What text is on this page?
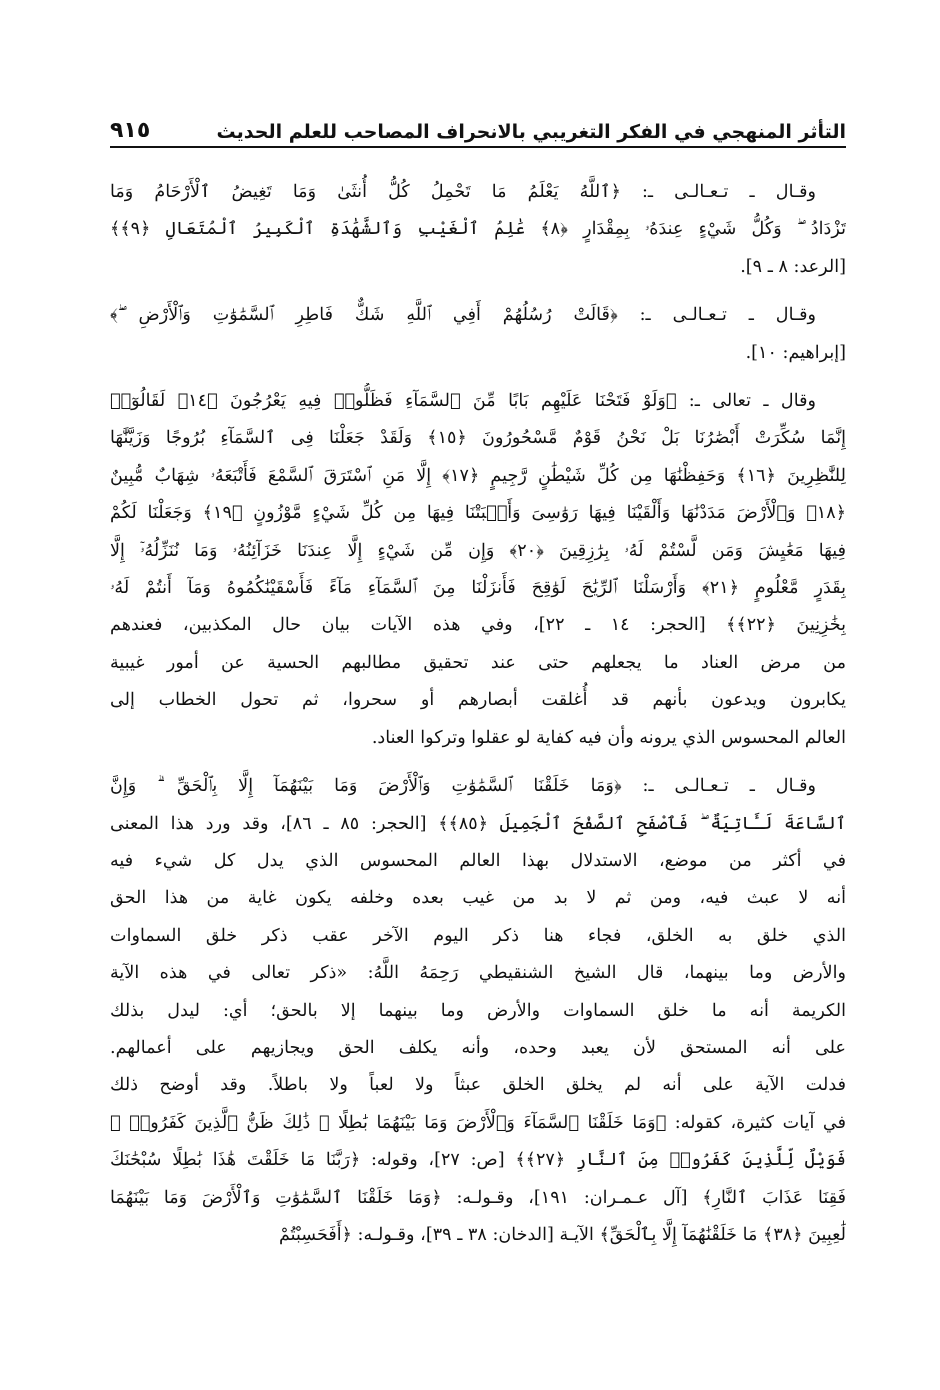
التأثر المنهجي في الفكر التغريبي بالانحراف المصاحب للعلم الحديث
٩١٥
وقـال ـ تـعـالـى ـ: ﴿ٱللَّهُ يَعْلَمُ مَا تَحْمِلُ كُلُّ أُنثَىٰ وَمَا تَغِيضُ ٱلْأَرْحَامُ وَمَا
تَزْدَادُ ۖ وَكُلُّ شَيْءٍ عِندَهُۥ بِمِقْدَارٍ ﴿٨﴾ عَٰلِمُ ٱلْغَيْبِ وَٱلشَّهَٰدَةِ ٱلْكَبِيرُ ٱلْمُتَعَالِ ﴿٩﴾﴾
[الرعد: ٨ ـ ٩].
وقـال ـ تـعـالـى ـ: ﴿قَالَتْ رُسُلُهُمْ أَفِي ٱللَّهِ شَكٌّ فَاطِرِ ٱلسَّمَٰوَٰتِ وَٱلْأَرْضِ ۖ﴾
[إبراهيم: ١٠].
وقال ـ تعالى ـ: ﴿وَلَوْ فَتَحْنَا عَلَيْهِم بَابًا مِّنَ ٱلسَّمَآءِ فَظَلُّوا۟ فِيهِ يَعْرُجُونَ ﴿١٤﴾ لَقَالُوٓا۟
إِنَّمَا سُكِّرَتْ أَبْصَٰرُنَا بَلْ نَحْنُ قَوْمٌ مَّسْحُورُونَ ﴿١٥﴾ وَلَقَدْ جَعَلْنَا فِى ٱلسَّمَآءِ بُرُوجًا وَزَيَّنَّٰهَا
لِلنَّٰظِرِينَ ﴿١٦﴾ وَحَفِظْنَٰهَا مِن كُلِّ شَيْطَٰنٍ رَّجِيمٍ ﴿١٧﴾ إِلَّا مَنِ ٱسْتَرَقَ ٱلسَّمْعَ فَأَتْبَعَهُۥ شِهَابٌ مُّبِينٌ
﴿١٨﴾ وَٱلْأَرْضَ مَدَدْنَٰهَا وَأَلْقَيْنَا فِيهَا رَوَٰسِىَ وَأَنۢبَتْنَا فِيهَا مِن كُلِّ شَيْءٍ مَّوْزُونٍ ﴿١٩﴾ وَجَعَلْنَا لَكُمْ
فِيهَا مَعَٰيِشَ وَمَن لَّسْتُمْ لَهُۥ بِرَٰزِقِينَ ﴿٢٠﴾ وَإِن مِّن شَيْءٍ إِلَّا عِندَنَا خَزَآئِنُهُۥ وَمَا نُنَزِّلُهُۥٓ إِلَّا
بِقَدَرٍ مَّعْلُومٍ ﴿٢١﴾ وَأَرْسَلْنَا ٱلرِّيَٰحَ لَوَٰقِحَ فَأَنزَلْنَا مِنَ ٱلسَّمَآءِ مَآءً فَأَسْقَيْنَٰكُمُوهُ وَمَآ أَنتُمْ لَهُۥ
بِخَٰزِنِينَ ﴿٢٢﴾﴾ [الحجر: ١٤ ـ ٢٢]، وفي هذه الآيات بيان حال المكذبين، فعندهم
من مرض العناد ما يجعلهم حتى عند تحقيق مطالبهم الحسية عن أمور غيبية
يكابرون ويدعون بأنهم قد أُغلقت أبصارهم أو سحروا، ثم تحول الخطاب إلى
العالم المحسوس الذي يرونه وأن فيه كفاية لو عقلوا وتركوا العناد.
وقـال ـ تـعـالـى ـ: ﴿وَمَا خَلَقْنَا ٱلسَّمَٰوَٰتِ وَٱلْأَرْضَ وَمَا بَيْنَهُمَآ إِلَّا بِٱلْحَقِّ ۗ وَإِنَّ
ٱلسَّاعَةَ لَـَٔاتِيَةٌ ۖ فَٱصْفَحِ ٱلصَّفْحَ ٱلْجَمِيلَ ﴿٨٥﴾﴾ [الحجر: ٨٥ ـ ٨٦]، وقد ورد هذا المعنى
في أكثر من موضع، الاستدلال بهذا العالم المحسوس الذي يدل كل شيء فيه
أنه لا عبث فيه، ومن ثم لا بد من غيب بعده وخلفه يكون غاية من هذا الحق
الذي خلق به الخلق، فجاء هنا ذكر اليوم الآخر عقب ذكر خلق السماوات
والأرض وما بينهما، قال الشيخ الشنقيطي رَحِمَهُ اللَّهُ: «ذكر تعالى في هذه الآية
الكريمة أنه ما خلق السماوات والأرض وما بينهما إلا بالحق؛ أي: ليدل بذلك
على أنه المستحق لأن يعبد وحده، وأنه يكلف الحق ويجازيهم على أعمالهم.
فدلت الآية على أنه لم يخلق الخلق عبثاً ولا لعباً ولا باطلاً. وقد أوضح ذلك
في آيات كثيرة، كقوله: ﴿وَمَا خَلَقْنَا ٱلسَّمَآءَ وَٱلْأَرْضَ وَمَا بَيْنَهُمَا بَٰطِلًا ۚ ذَٰلِكَ ظَنُّ ٱلَّذِينَ كَفَرُوا۟ ۚ
فَوَيْلٌ لِّلَّذِينَ كَفَرُوا۟ مِنَ ٱلنَّارِ ﴿٢٧﴾﴾ [ص: ٢٧]، وقوله: ﴿رَبَّنَا مَا خَلَقْتَ هَٰذَا بَٰطِلًا سُبْحَٰنَكَ
فَقِنَا عَذَابَ ٱلنَّارِ﴾ [آل عـمـران: ١٩١]، وقـولـه: ﴿وَمَا خَلَقْنَا ٱلسَّمَٰوَٰتِ وَٱلْأَرْضَ وَمَا بَيْنَهُمَا
لَٰعِبِينَ ﴿٣٨﴾ مَا خَلَقْنَٰهُمَآ إِلَّا بِٱلْحَقِّ﴾ الآيـة [الدخان: ٣٨ ـ ٣٩]، وقـولـه: ﴿أَفَحَسِبْتُمْ
